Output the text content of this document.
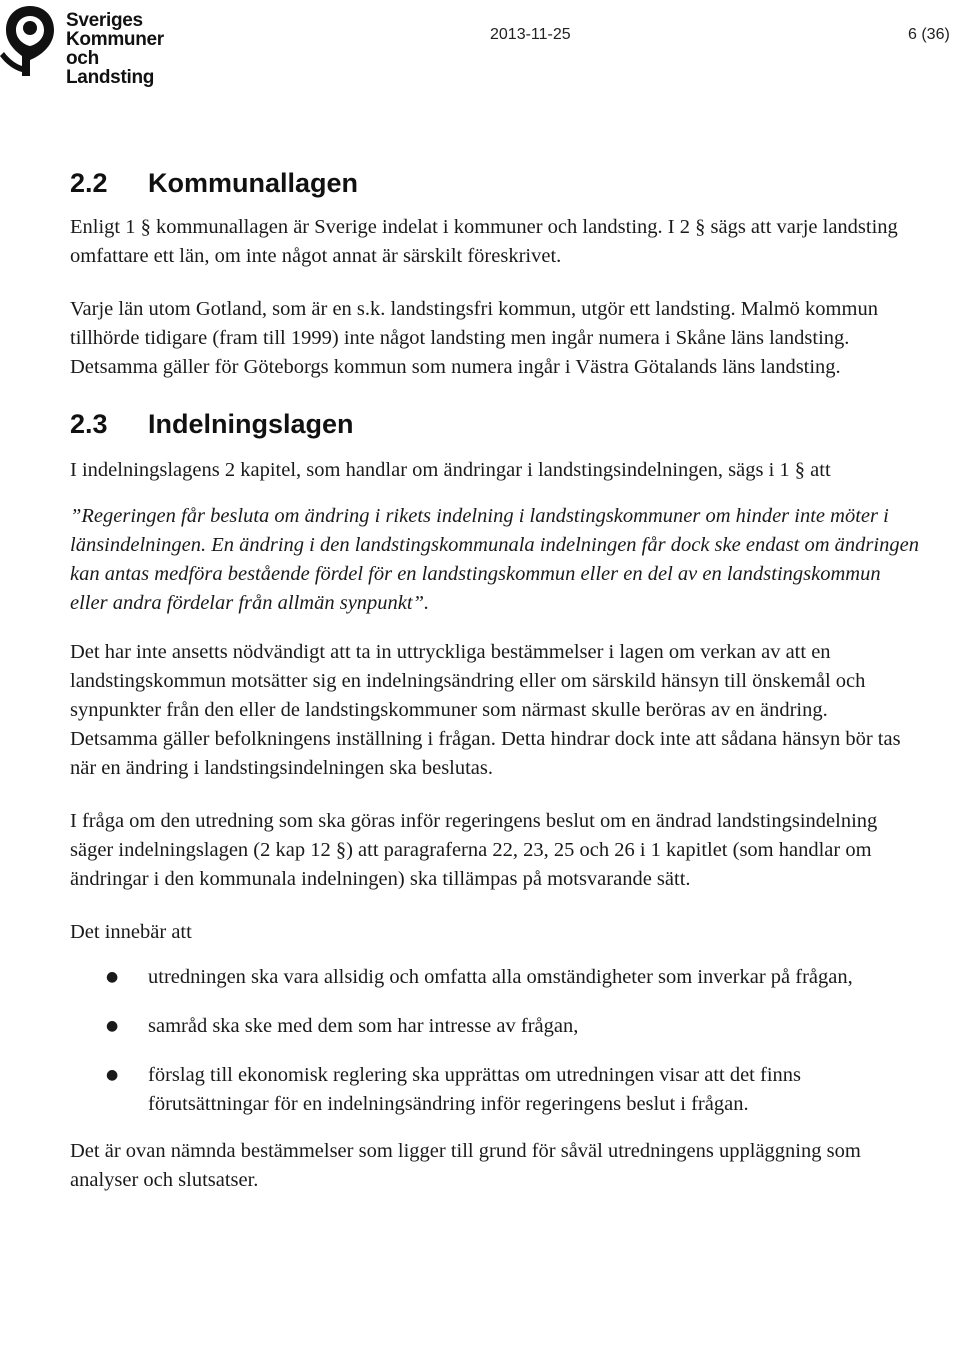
Sveriges
Kommuner
och Landsting
2013-11-25	6 (36)
2.2 Kommunallagen

Enligt 1 § kommunallagen är Sverige indelat i kommuner och landsting. I 2 § sägs att varje landsting omfattare ett län, om inte något annat är särskilt föreskrivet.

Varje län utom Gotland, som är en s.k. landstingsfri kommun, utgör ett landsting. Malmö kommun tillhörde tidigare (fram till 1999) inte något landsting men ingår numera i Skåne läns landsting. Detsamma gäller för Göteborgs kommun som numera ingår i Västra Götalands läns landsting.

2.3 Indelningslagen

I indelningslagens 2 kapitel, som handlar om ändringar i landstingsindelningen, sägs i 1 § att

”Regeringen får besluta om ändring i rikets indelning i landstingskommuner om hinder inte möter i länsindelningen. En ändring i den landstingskommunala indelningen får dock ske endast om ändringen kan antas medföra bestående fördel för en landstingskommun eller en del av en landstingskommun eller andra fördelar från allmän synpunkt”.

Det har inte ansetts nödvändigt att ta in uttryckliga bestämmelser i lagen om verkan av att en landstingskommun motsätter sig en indelningsändring eller om särskild hänsyn till önskemål och synpunkter från den eller de landstingskommuner som närmast skulle beröras av en ändring. Detsamma gäller befolkningens inställning i frågan. Detta hindrar dock inte att sådana hänsyn bör tas när en ändring i landstingsindelningen ska beslutas.

I fråga om den utredning som ska göras inför regeringens beslut om en ändrad landstingsindelning säger indelningslagen (2 kap 12 §) att paragraferna 22, 23, 25 och 26 i 1 kapitlet (som handlar om ändringar i den kommunala indelningen) ska tillämpas på motsvarande sätt.

Det innebär att

● utredningen ska vara allsidig och omfatta alla omständigheter som inverkar på frågan,
● samråd ska ske med dem som har intresse av frågan,
● förslag till ekonomisk reglering ska upprättas om utredningen visar att det finns förutsättningar för en indelningsändring inför regeringens beslut i frågan.

Det är ovan nämnda bestämmelser som ligger till grund för såväl utredningens uppläggning som analyser och slutsatser.
